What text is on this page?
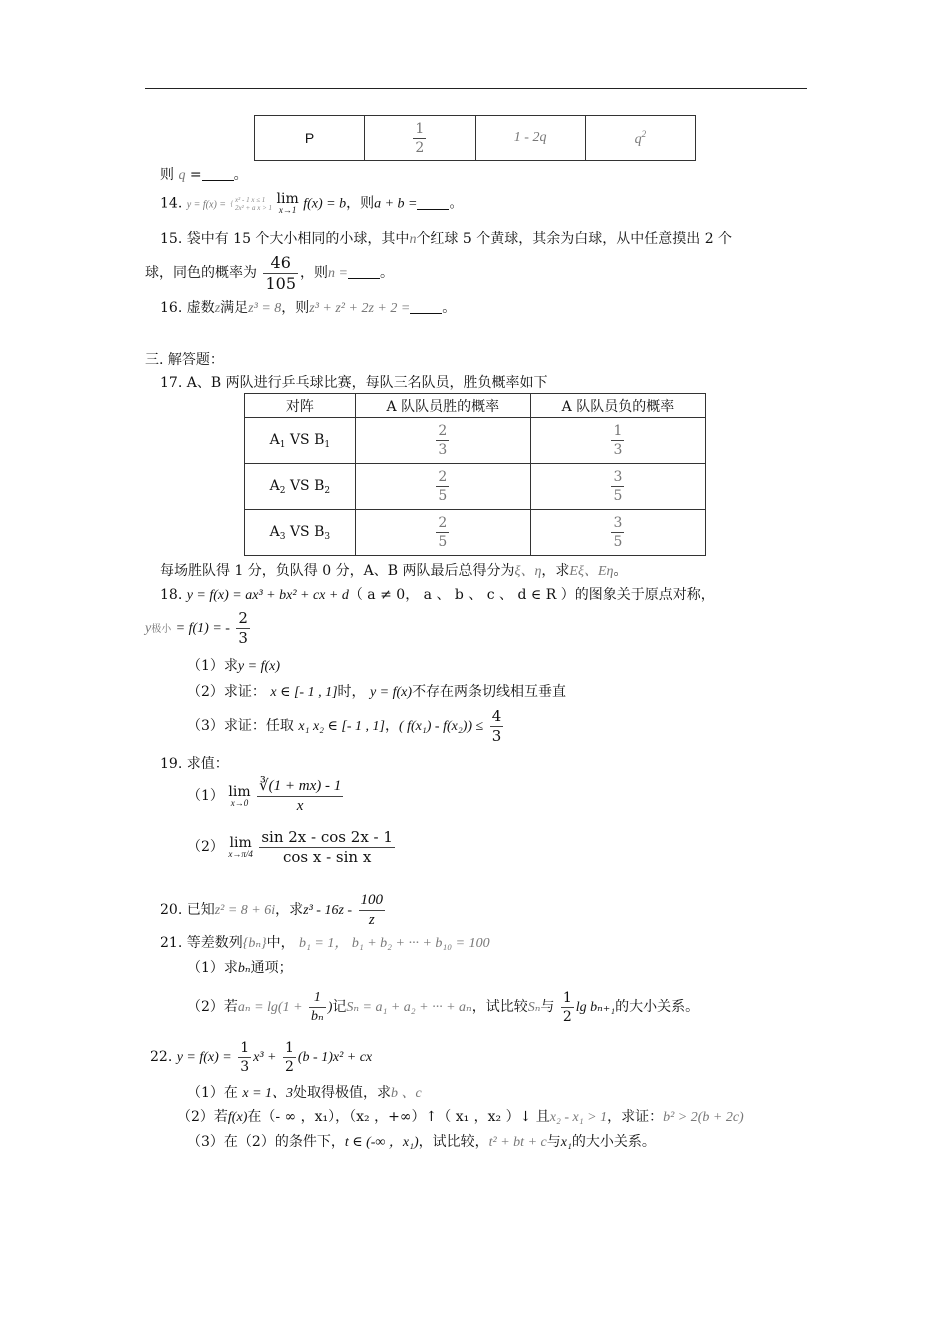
P	$\frac{1}{2}$	1 - 2q	$q^2$
则 q = 。
14. y = f(x) = { x² - 1 x ≤ 1
2x² + a x > 1 lim
x→1 f(x) = b，则a + b = 。
15. 袋中有 15 个大小相同的小球，其中n个红球 5 个黄球，其余为白球，从中任意摸出 2 个
球，同色的概率为 $\frac{46}{105}$ ，则n = 。
16. 虚数z满足z³ = 8，则z³ + z² + 2z + 2 = 。
三. 解答题：
17. A、B 两队进行乒乓球比赛，每队三名队员，胜负概率如下
对阵	A 队队员胜的概率	A 队队员负的概率
$A_1$ VS $B_1$	$\frac{2}{3}$	$\frac{1}{3}$

$A_2$ VS $B_2$	$\frac{2}{5}$	$\frac{3}{5}$

$A_3$ VS $B_3$	$\frac{2}{5}$	$\frac{3}{5}$
每场胜队得 1 分，负队得 0 分，A、B 两队最后总得分为ξ、η，求Eξ、Eη。
18. y = f(x) = ax³ + bx² + cx + d（ a ≠ 0， a 、 b 、 c 、 d ∈ R ）的图象关于原点对称，
y极小 = f(1) = - $\frac{2}{3}$
（1）求y = f(x)
（2）求证： x ∈ [- 1 , 1]时， y = f(x)不存在两条切线相互垂直
（3）求证：任取 x₁ x₂ ∈ [- 1 , 1]，( $f(x_1) - f(x_2)) \le \frac{4}{3}$
19. 求值：
（1） lim
x→0
$\frac{∛(1 + mx) - 1}{x}$
（2） lim
x→π/4
$\frac{\sin 2x - \cos 2x - 1}{\text{cos x - sin x}}$
20. 已知z² = 8 + 6i，求$z^3 - 16z - \frac{100}{z}$
21. 等差数列{bₙ}中， b₁ = 1， b₁ + b₂ + ··· + b₁₀ = 100
（1）求bₙ通项；
（2）若$a_n = \lg(1 + \frac{1}{\text{bₙ}}$ )记Sₙ = a₁ + a₂ + ··· + aₙ，试比较Sₙ与 $\frac{1}{2}$ lg bₙ₊₁的大小关系。
22. $y = f(x) = \frac{1}{3} x^3 + \frac{1}{2} (b - 1)x^2$ + cx
（1）在 x = 1、3处取得极值，求b 、c
（2）若f(x)在（- ∞ ，x₁），（x₂ ，+∞）↑（ x₁ ，x₂ ）↓ 且x₂ - x₁ > 1，求证：b² > 2(b + 2c)
（3）在（2）的条件下，t ∈ (-∞ ，x₁)，试比较，t² + bt + c与x₁的大小关系。
